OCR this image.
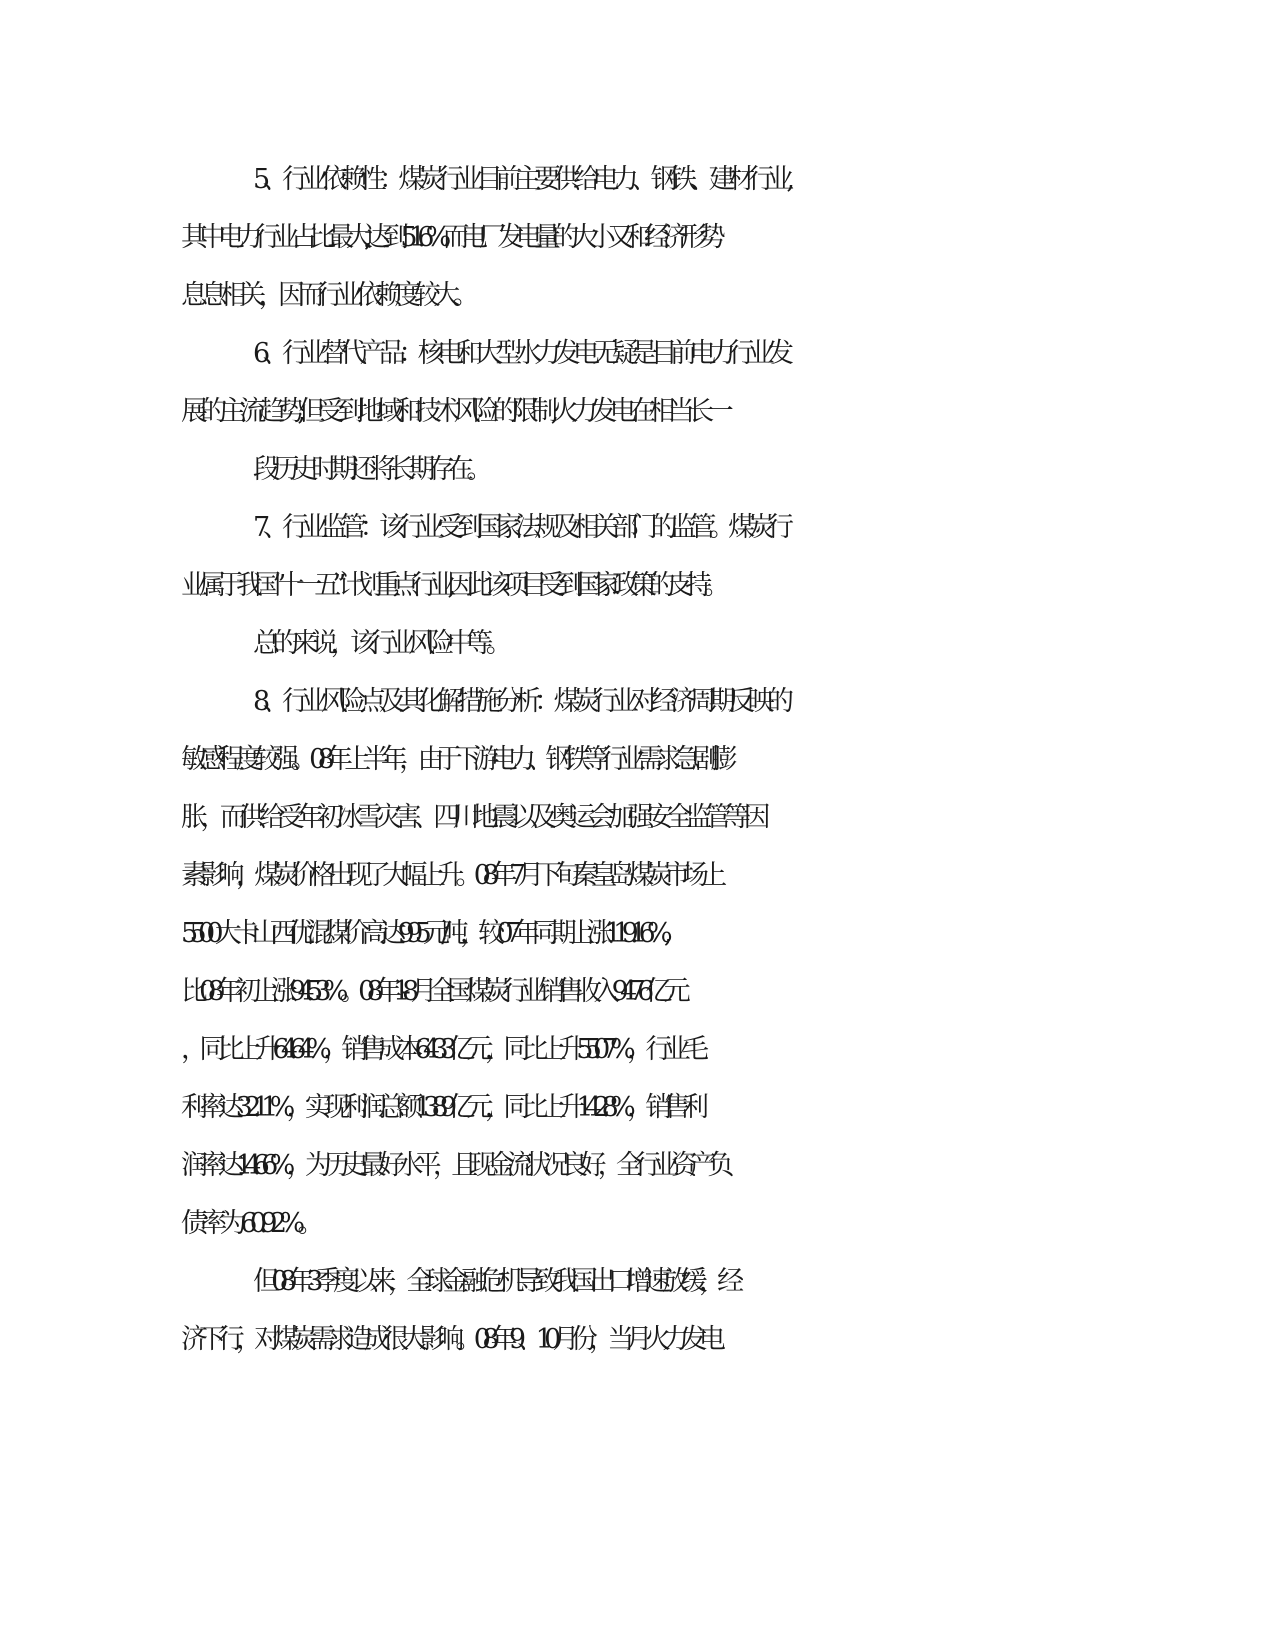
5、行业依赖性：煤炭行业目前主要供给电力、钢铁、建材行业,
其中电力行业占比最大,达到 51.6%.而电厂发电量的大小又和经济形势
息息相关，因而行业依赖度较大。
6、行业替代产品：核电和大型水力发电无疑是目前电力行业发
展的主流趋势,但受到地域和技术风险的限制,火力发电在相当长一
段历史时期还将长期存在。
7、行业监管：该行业受到国家法规及相关部门的监管。煤炭行
业属于我国”十一五”计划重点行业,因此该项目受到国家政策的支持。
总的来说，该行业风险中等。
8、行业风险点及其化解措施分析：煤炭行业对经济周期反映的
敏感程度较强。08 年上半年，由于下游电力、钢铁等行业需求急剧膨
胀，而供给受年初冰雪灾害、四川地震以及奥运会加强安全监管等因
素影响，煤炭价格出现了大幅上升。08 年 7月下旬秦皇岛煤炭市场上
5500 大卡山西优混煤价高达 995 元/吨，较 07 年同期上涨 119.16%,
比 08 年初上涨 94.53%。08 年 1-8 月全国煤炭行业销售收入 9476 亿元
，同比上升 64.64%，销售成本 6433 亿元，同比上升 55.07%，行业毛
利率达 32.11%，实现利润总额 1389 亿元，同比上升 142.8%，销售利
润率达 14.66%，为历史最好水平，且现金流状况良好，全行业资产负
债率为 60.92%。
但 08 年 3 季度以来，全球金融危机导致我国出口增速放缓，经
济下行，对煤炭需求造成很大影响。08 年 9、10 月份，当月火力发电
